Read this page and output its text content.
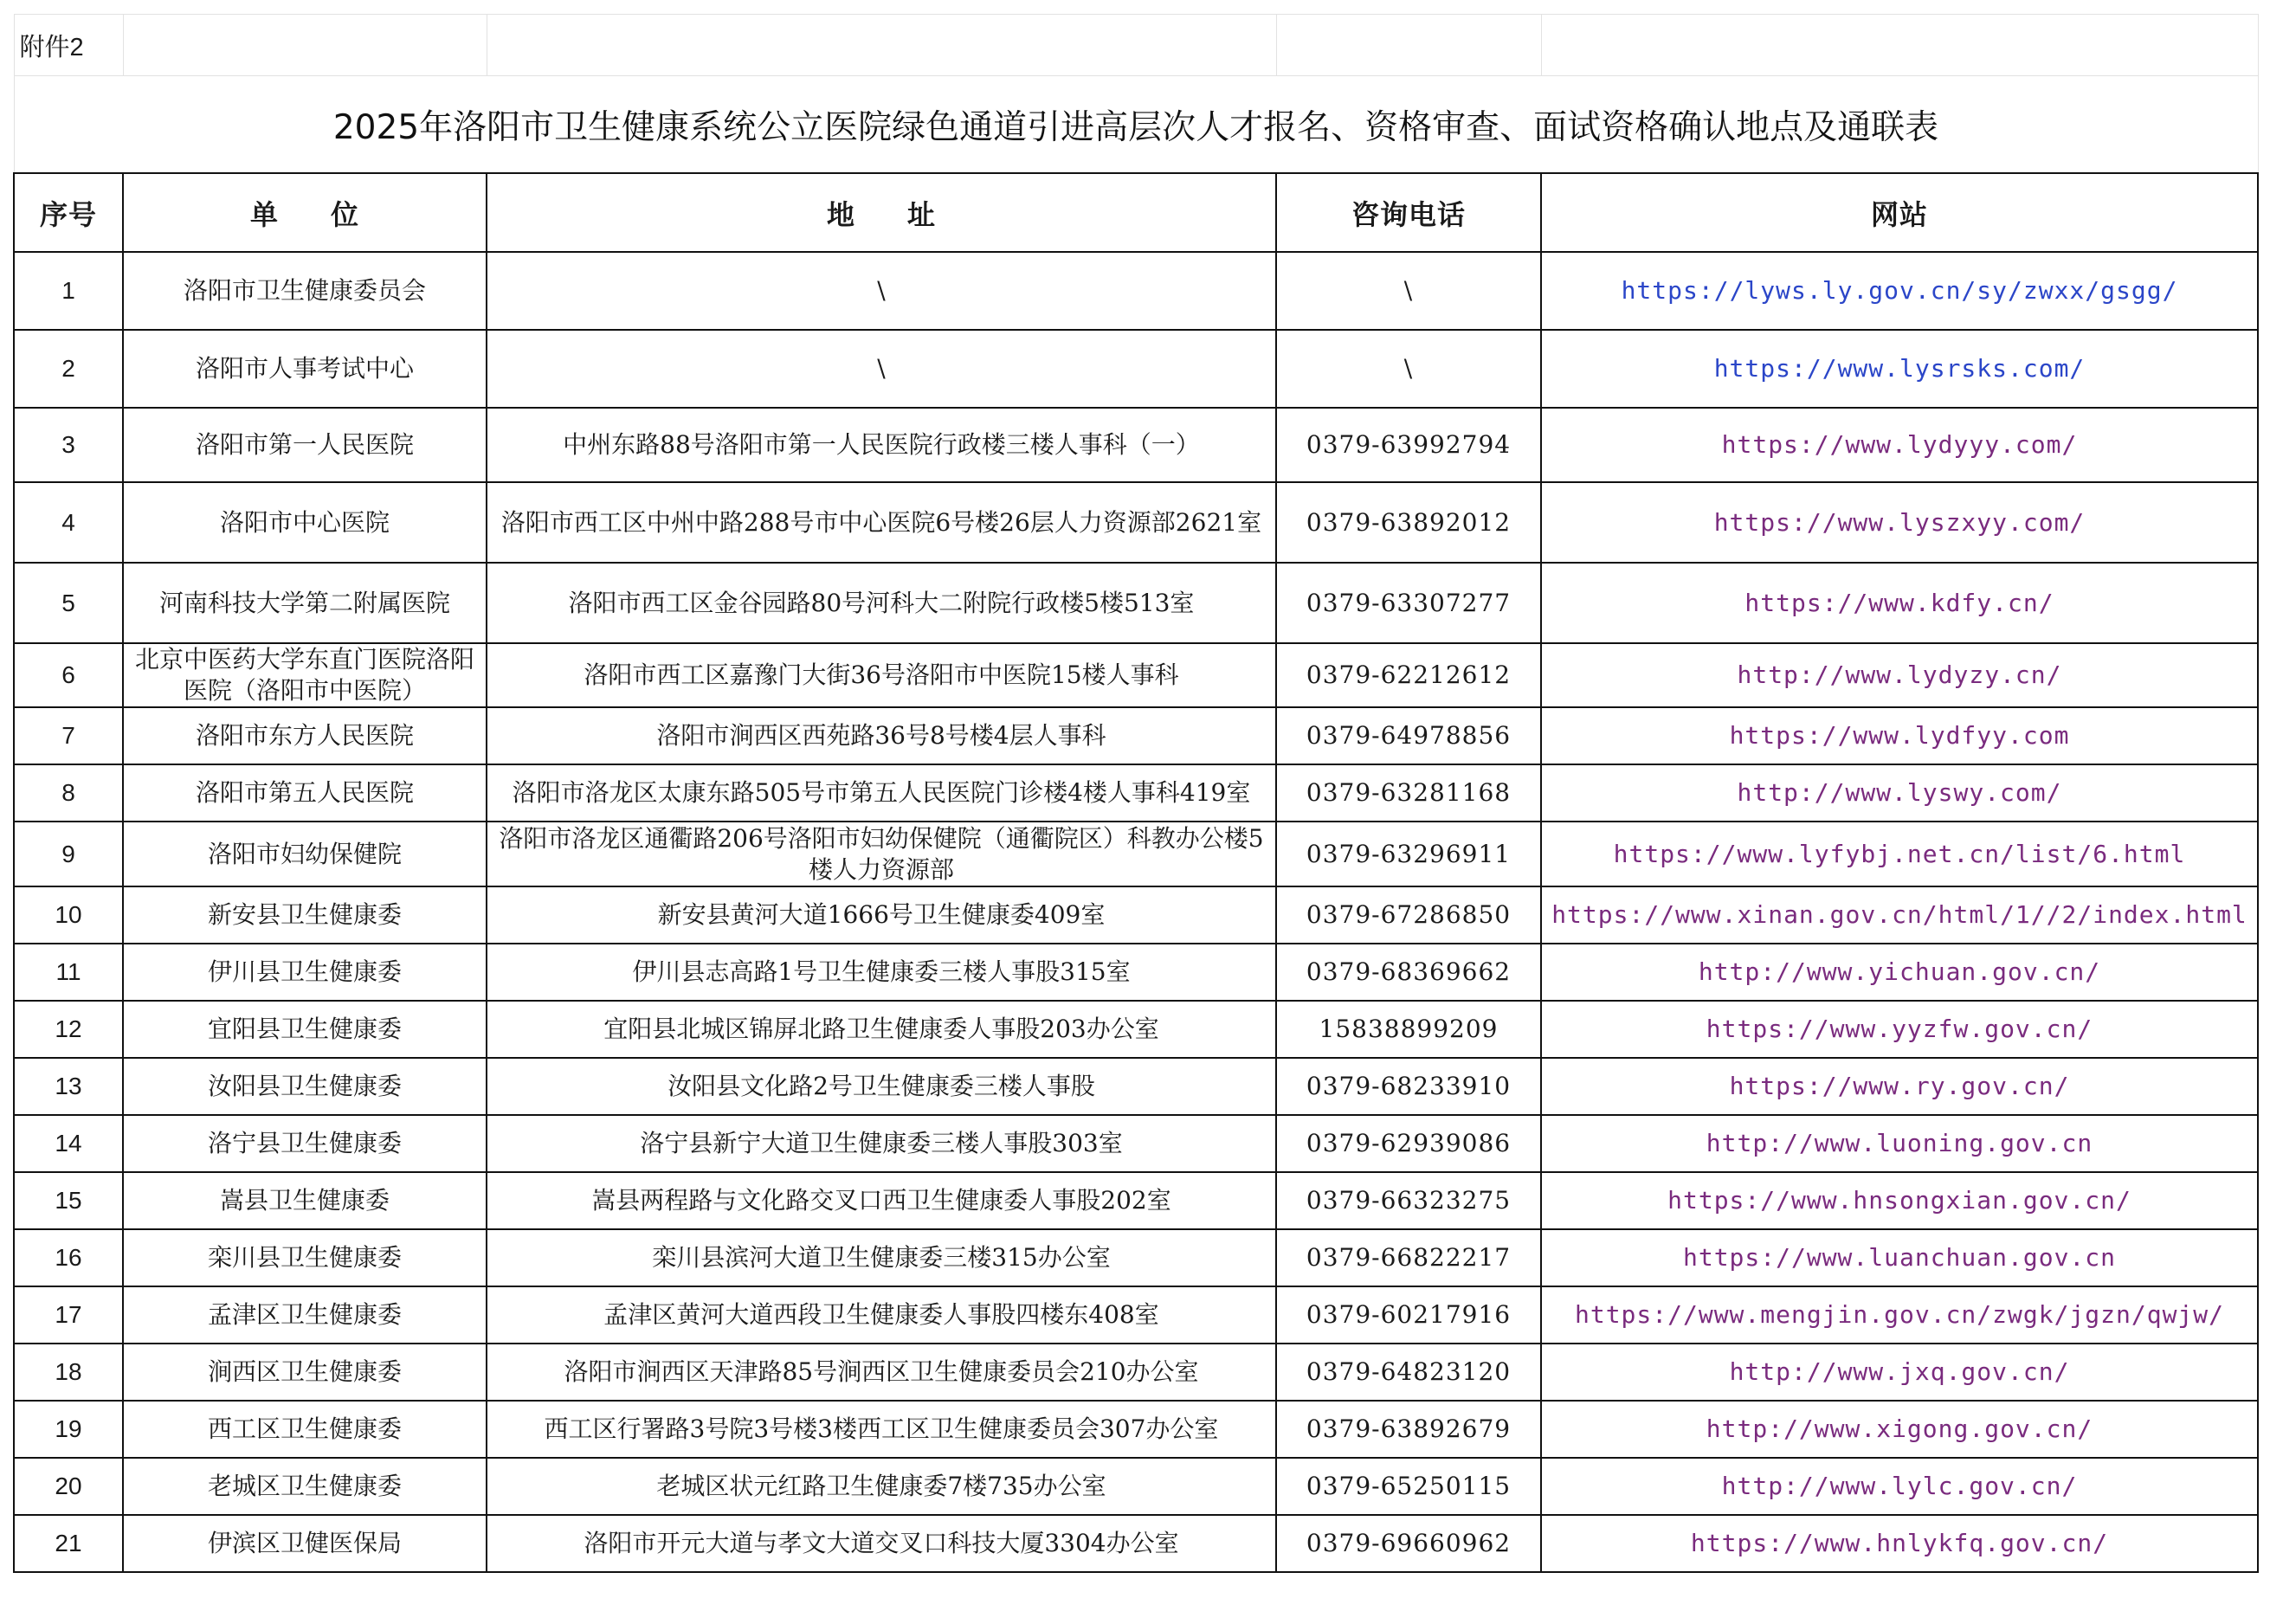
附件2				
2025年洛阳市卫生健康系统公立医院绿色通道引进高层次人才报名、资格审查、面试资格确认地点及通联表				
序号	单 位	地 址	咨询电话	网站
1	洛阳市卫生健康委员会	\	\	https://lyws.ly.gov.cn/sy/zwxx/gsgg/
2	洛阳市人事考试中心	\	\	https://www.lysrsks.com/
3	洛阳市第一人民医院	中州东路88号洛阳市第一人民医院行政楼三楼人事科（一）	0379-63992794	https://www.lydyyy.com/
4	洛阳市中心医院	洛阳市西工区中州中路288号市中心医院6号楼26层人力资源部2621室	0379-63892012	https://www.lyszxyy.com/
5	河南科技大学第二附属医院	洛阳市西工区金谷园路80号河科大二附院行政楼5楼513室	0379-63307277	https://www.kdfy.cn/
6	北京中医药大学东直门医院洛阳医院（洛阳市中医院）	洛阳市西工区嘉豫门大街36号洛阳市中医院15楼人事科	0379-62212612	http://www.lydyzy.cn/
7	洛阳市东方人民医院	洛阳市涧西区西苑路36号8号楼4层人事科	0379-64978856	https://www.lydfyy.com
8	洛阳市第五人民医院	洛阳市洛龙区太康东路505号市第五人民医院门诊楼4楼人事科419室	0379-63281168	http://www.lyswy.com/
9	洛阳市妇幼保健院	洛阳市洛龙区通衢路206号洛阳市妇幼保健院（通衢院区）科教办公楼5楼人力资源部	0379-63296911	https://www.lyfybj.net.cn/list/6.html
10	新安县卫生健康委	新安县黄河大道1666号卫生健康委409室	0379-67286850	https://www.xinan.gov.cn/html/1//2/index.html
11	伊川县卫生健康委	伊川县志高路1号卫生健康委三楼人事股315室	0379-68369662	http://www.yichuan.gov.cn/
12	宜阳县卫生健康委	宜阳县北城区锦屏北路卫生健康委人事股203办公室	15838899209	https://www.yyzfw.gov.cn/
13	汝阳县卫生健康委	汝阳县文化路2号卫生健康委三楼人事股	0379-68233910	https://www.ry.gov.cn/
14	洛宁县卫生健康委	洛宁县新宁大道卫生健康委三楼人事股303室	0379-62939086	http://www.luoning.gov.cn
15	嵩县卫生健康委	嵩县两程路与文化路交叉口西卫生健康委人事股202室	0379-66323275	https://www.hnsongxian.gov.cn/
16	栾川县卫生健康委	栾川县滨河大道卫生健康委三楼315办公室	0379-66822217	https://www.luanchuan.gov.cn
17	孟津区卫生健康委	孟津区黄河大道西段卫生健康委人事股四楼东408室	0379-60217916	https://www.mengjin.gov.cn/zwgk/jgzn/qwjw/
18	涧西区卫生健康委	洛阳市涧西区天津路85号涧西区卫生健康委员会210办公室	0379-64823120	http://www.jxq.gov.cn/
19	西工区卫生健康委	西工区行署路3号院3号楼3楼西工区卫生健康委员会307办公室	0379-63892679	http://www.xigong.gov.cn/
20	老城区卫生健康委	老城区状元红路卫生健康委7楼735办公室	0379-65250115	http://www.lylc.gov.cn/
21	伊滨区卫健医保局	洛阳市开元大道与孝文大道交叉口科技大厦3304办公室	0379-69660962	https://www.hnlykfq.gov.cn/
